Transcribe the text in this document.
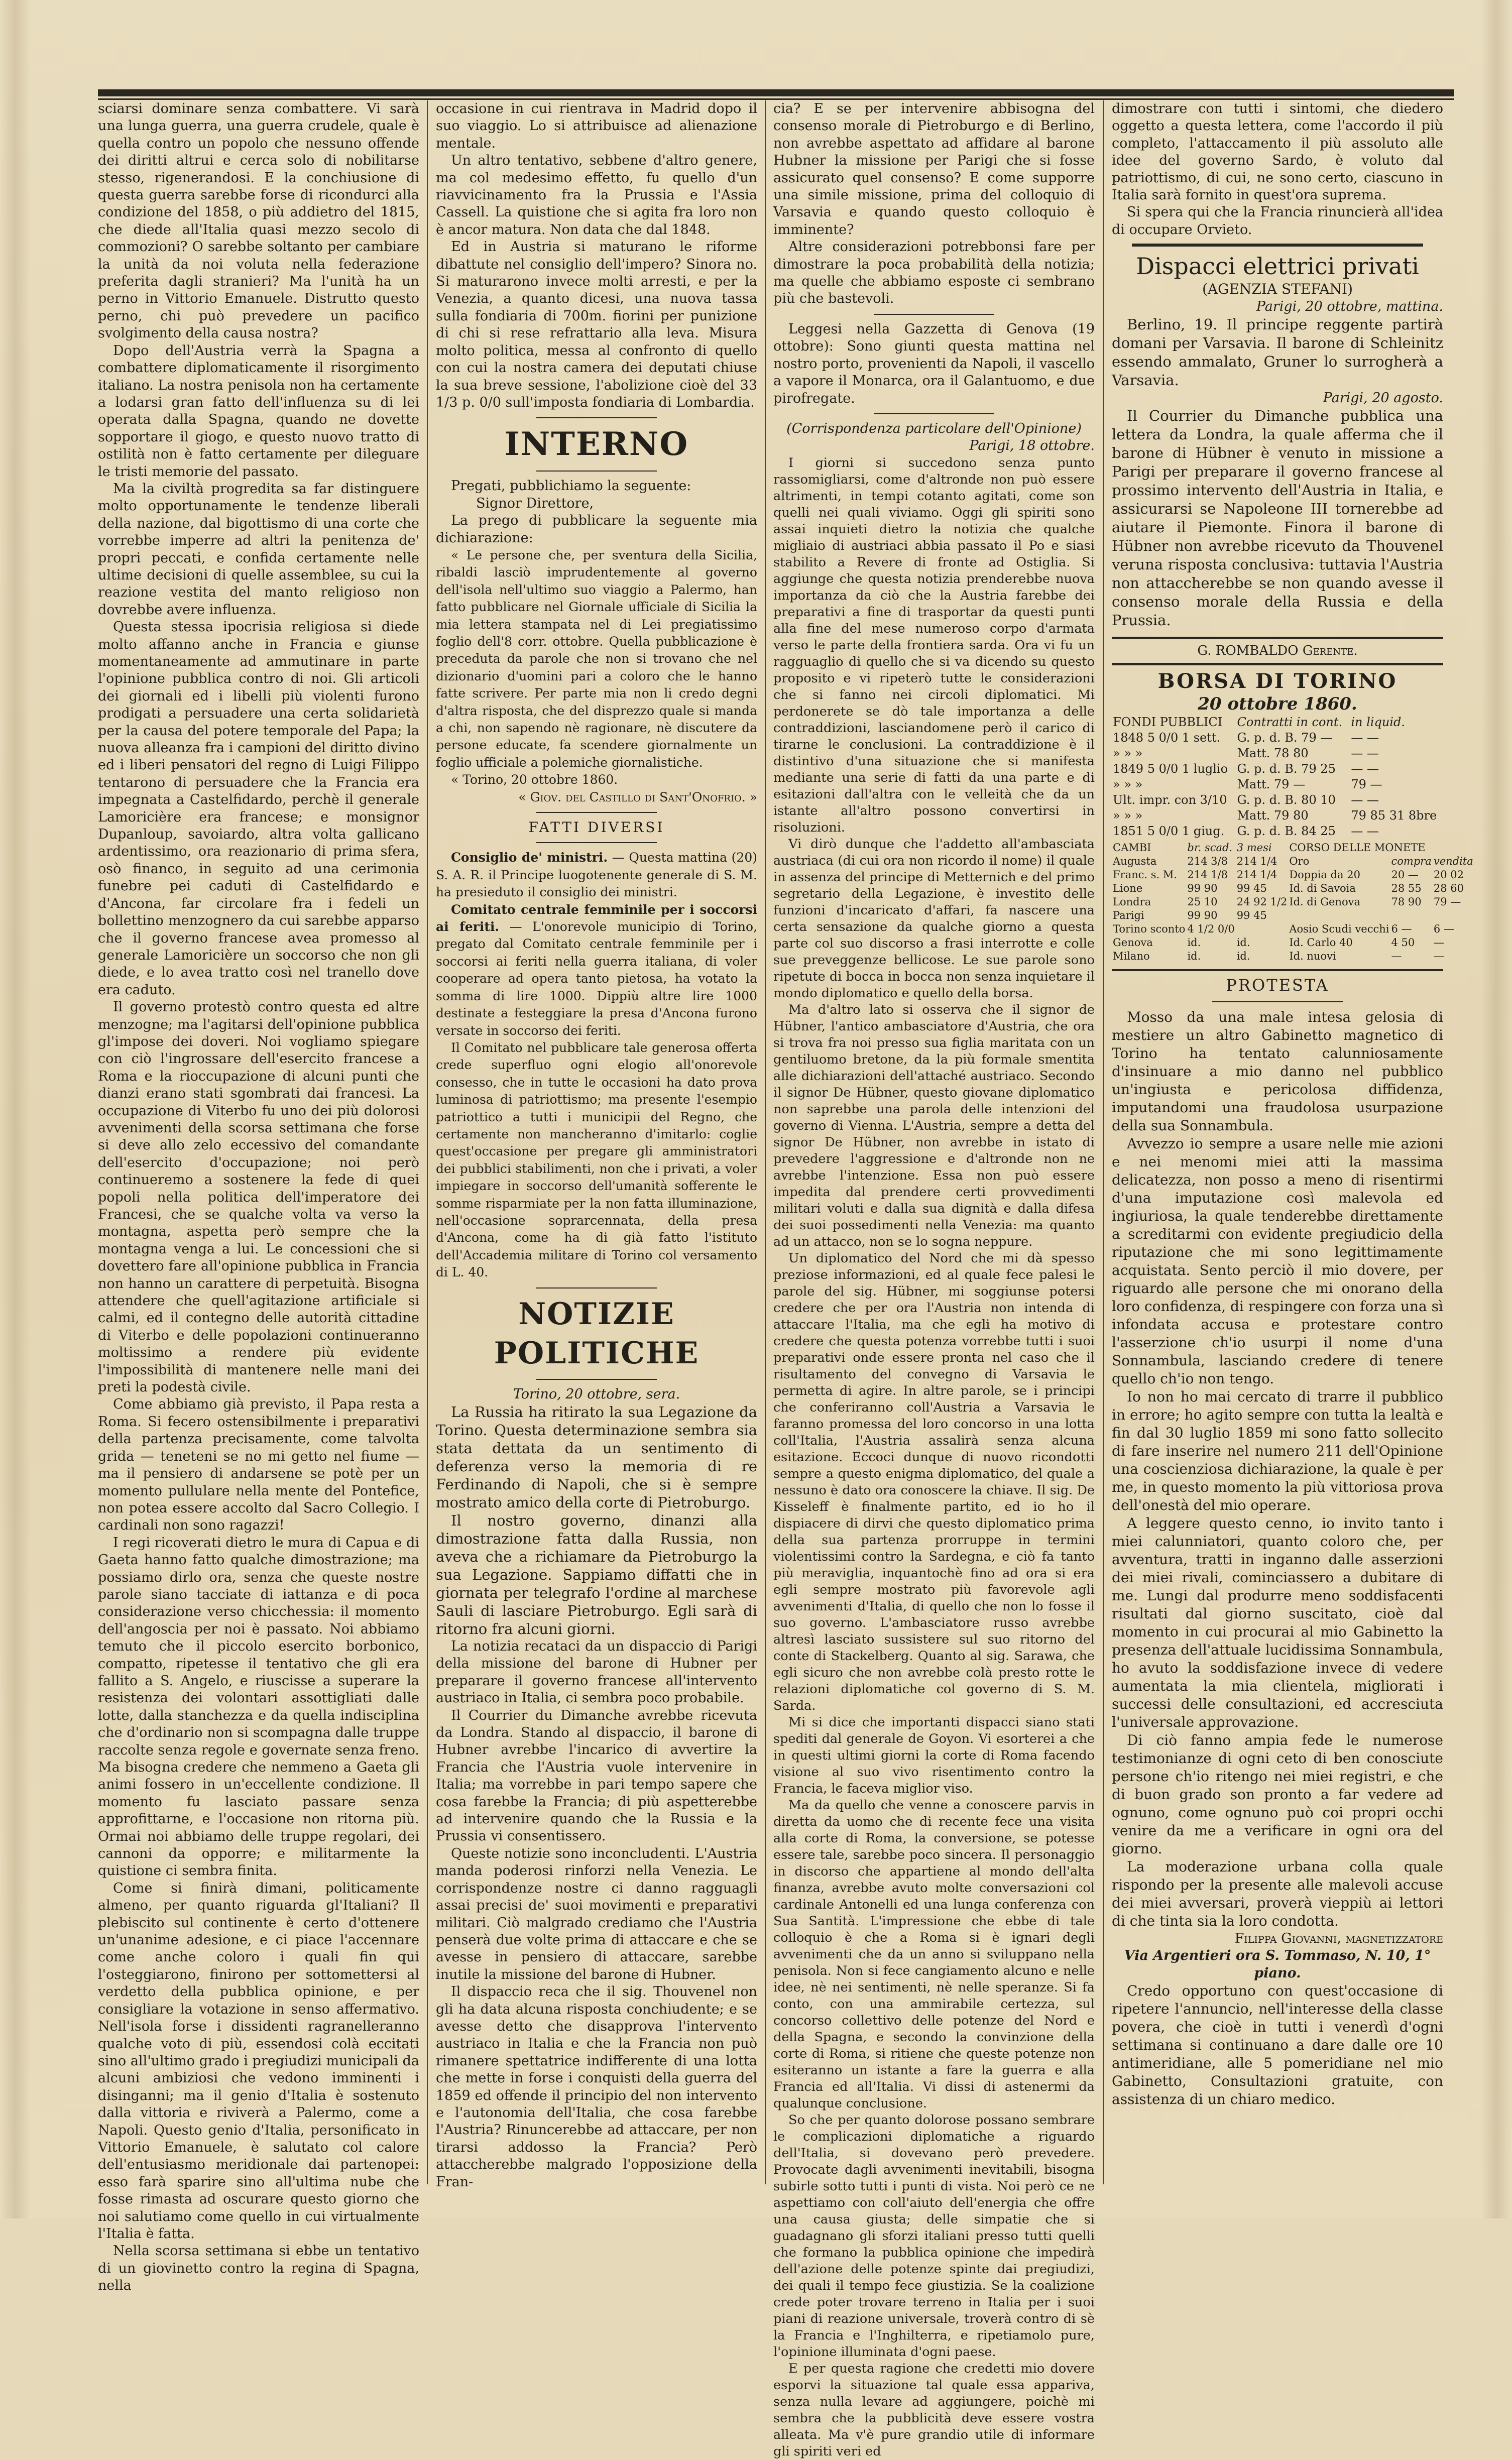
sciarsi dominare senza combattere. Vi sarà una lunga guerra, una guerra crudele, quale è quella contro un popolo che nessuno offende dei diritti altrui e cerca solo di nobilitarse stesso, rigenerandosi. E la conchiusione di questa guerra sarebbe forse di ricondurci alla condizione del 1858, o più addietro del 1815, che diede all'Italia quasi mezzo secolo di commozioni? O sarebbe soltanto per cambiare la unità da noi voluta nella federazione preferita dagli stranieri? Ma l'unità ha un perno in Vittorio Emanuele. Distrutto questo perno, chi può prevedere un pacifico svolgimento della causa nostra?

Dopo dell'Austria verrà la Spagna a combattere diplomaticamente il risorgimento italiano. La nostra penisola non ha certamente a lodarsi gran fatto dell'influenza su di lei operata dalla Spagna, quando ne dovette sopportare il giogo, e questo nuovo tratto di ostilità non è fatto certamente per dileguare le tristi memorie del passato.

Ma la civiltà progredita sa far distinguere molto opportunamente le tendenze liberali della nazione, dal bigottismo di una corte che vorrebbe imperre ad altri la penitenza de' propri peccati, e confida certamente nelle ultime decisioni di quelle assemblee, su cui la reazione vestita del manto religioso non dovrebbe avere influenza.

Questa stessa ipocrisia religiosa si diede molto affanno anche in Francia e giunse momentaneamente ad ammutinare in parte l'opinione pubblica contro di noi. Gli articoli dei giornali ed i libelli più violenti furono prodigati a persuadere una certa solidarietà per la causa del potere temporale del Papa; la nuova alleanza fra i campioni del diritto divino ed i liberi pensatori del regno di Luigi Filippo tentarono di persuadere che la Francia era impegnata a Castelfidardo, perchè il generale Lamoricière era francese; e monsignor Dupanloup, savoiardo, altra volta gallicano ardentissimo, ora reazionario di prima sfera, osò financo, in seguito ad una cerimonia funebre pei caduti di Castelfidardo e d'Ancona, far circolare fra i fedeli un bollettino menzognero da cui sarebbe apparso che il governo francese avea promesso al generale Lamoricière un soccorso che non gli diede, e lo avea tratto così nel tranello dove era caduto.

Il governo protestò contro questa ed altre menzogne; ma l'agitarsi dell'opinione pubblica gl'impose dei doveri. Noi vogliamo spiegare con ciò l'ingrossare dell'esercito francese a Roma e la rioccupazione di alcuni punti che dianzi erano stati sgombrati dai francesi. La occupazione di Viterbo fu uno dei più dolorosi avvenimenti della scorsa settimana che forse si deve allo zelo eccessivo del comandante dell'esercito d'occupazione; noi però continueremo a sostenere la fede di quei popoli nella politica dell'imperatore dei Francesi, che se qualche volta va verso la montagna, aspetta però sempre che la montagna venga a lui. Le concessioni che si dovettero fare all'opinione pubblica in Francia non hanno un carattere di perpetuità. Bisogna attendere che quell'agitazione artificiale si calmi, ed il contegno delle autorità cittadine di Viterbo e delle popolazioni continueranno moltissimo a rendere più evidente l'impossibilità di mantenere nelle mani dei preti la podestà civile.

Come abbiamo già previsto, il Papa resta a Roma. Si fecero ostensibilmente i preparativi della partenza precisamente, come talvolta grida — teneteni se no mi getto nel fiume — ma il pensiero di andarsene se potè per un momento pullulare nella mente del Pontefice, non potea essere accolto dal Sacro Collegio. I cardinali non sono ragazzi!

I regi ricoverati dietro le mura di Capua e di Gaeta hanno fatto qualche dimostrazione; ma possiamo dirlo ora, senza che queste nostre parole siano tacciate di iattanza e di poca considerazione verso chicchessia: il momento dell'angoscia per noi è passato. Noi abbiamo temuto che il piccolo esercito borbonico, compatto, ripetesse il tentativo che gli era fallito a S. Angelo, e riuscisse a superare la resistenza dei volontari assottigliati dalle lotte, dalla stanchezza e da quella indisciplina che d'ordinario non si scompagna dalle truppe raccolte senza regole e governate senza freno. Ma bisogna credere che nemmeno a Gaeta gli animi fossero in un'eccellente condizione. Il momento fu lasciato passare senza approfittarne, e l'occasione non ritorna più. Ormai noi abbiamo delle truppe regolari, dei cannoni da opporre; e militarmente la quistione ci sembra finita.

Come si finirà dimani, politicamente almeno, per quanto riguarda gl'Italiani? Il plebiscito sul continente è certo d'ottenere un'unanime adesione, e ci piace l'accennare come anche coloro i quali fin qui l'osteggiarono, finirono per sottomettersi al verdetto della pubblica opinione, e per consigliare la votazione in senso affermativo. Nell'isola forse i dissidenti ragranelleranno qualche voto di più, essendosi colà eccitati sino all'ultimo grado i pregiudizi municipali da alcuni ambiziosi che vedono imminenti i disinganni; ma il genio d'Italia è sostenuto dalla vittoria e riviverà a Palermo, come a Napoli. Questo genio d'Italia, personificato in Vittorio Emanuele, è salutato col calore dell'entusiasmo meridionale dai partenopei: esso farà sparire sino all'ultima nube che fosse rimasta ad oscurare questo giorno che noi salutiamo come quello in cui virtualmente l'Italia è fatta.

Nella scorsa settimana si ebbe un tentativo di un giovinetto contro la regina di Spagna, nella

occasione in cui rientrava in Madrid dopo il suo viaggio. Lo si attribuisce ad alienazione mentale.

Un altro tentativo, sebbene d'altro genere, ma col medesimo effetto, fu quello d'un riavvicinamento fra la Prussia e l'Assia Cassell. La quistione che si agita fra loro non è ancor matura. Non data che dal 1848.

Ed in Austria si maturano le riforme dibattute nel consiglio dell'impero? Sinora no. Si maturarono invece molti arresti, e per la Venezia, a quanto dicesi, una nuova tassa sulla fondiaria di 700m. fiorini per punizione di chi si rese refrattario alla leva. Misura molto politica, messa al confronto di quello con cui la nostra camera dei deputati chiuse la sua breve sessione, l'abolizione cioè del 33 1/3 p. 0/0 sull'imposta fondiaria di Lombardia.

INTERNO

Pregati, pubblichiamo la seguente:

Signor Direttore,

La prego di pubblicare la seguente mia dichiarazione:

« Le persone che, per sventura della Sicilia, ribaldi lasciò imprudentemente al governo dell'isola nell'ultimo suo viaggio a Palermo, han fatto pubblicare nel Giornale ufficiale di Sicilia la mia lettera stampata nel di Lei pregiatissimo foglio dell'8 corr. ottobre. Quella pubblicazione è preceduta da parole che non si trovano che nel dizionario d'uomini pari a coloro che le hanno fatte scrivere. Per parte mia non li credo degni d'altra risposta, che del disprezzo quale si manda a chi, non sapendo nè ragionare, nè discutere da persone educate, fa scendere giornalmente un foglio ufficiale a polemiche giornalistiche.

« Torino, 20 ottobre 1860.

« Giov. del Castillo di Sant'Onofrio. »

FATTI DIVERSI

Consiglio de' ministri. — Questa mattina (20) S. A. R. il Principe luogotenente generale di S. M. ha presieduto il consiglio dei ministri.

Comitato centrale femminile per i soccorsi ai feriti. — L'onorevole municipio di Torino, pregato dal Comitato centrale femminile per i soccorsi ai feriti nella guerra italiana, di voler cooperare ad opera tanto pietosa, ha votato la somma di lire 1000. Dippiù altre lire 1000 destinate a festeggiare la presa d'Ancona furono versate in soccorso dei feriti.

Il Comitato nel pubblicare tale generosa offerta crede superfluo ogni elogio all'onorevole consesso, che in tutte le occasioni ha dato prova luminosa di patriottismo; ma presente l'esempio patriottico a tutti i municipii del Regno, che certamente non mancheranno d'imitarlo: coglie quest'occasione per pregare gli amministratori dei pubblici stabilimenti, non che i privati, a voler impiegare in soccorso dell'umanità sofferente le somme risparmiate per la non fatta illuminazione, nell'occasione soprarcennata, della presa d'Ancona, come ha di già fatto l'istituto dell'Accademia militare di Torino col versamento di L. 40.

NOTIZIE POLITICHE

Torino, 20 ottobre, sera.

La Russia ha ritirato la sua Legazione da Torino. Questa determinazione sembra sia stata dettata da un sentimento di deferenza verso la memoria di re Ferdinando di Napoli, che si è sempre mostrato amico della corte di Pietroburgo.

Il nostro governo, dinanzi alla dimostrazione fatta dalla Russia, non aveva che a richiamare da Pietroburgo la sua Legazione. Sappiamo diffatti che in giornata per telegrafo l'ordine al marchese Sauli di lasciare Pietroburgo. Egli sarà di ritorno fra alcuni giorni.

La notizia recataci da un dispaccio di Parigi della missione del barone di Hubner per preparare il governo francese all'intervento austriaco in Italia, ci sembra poco probabile.

Il Courrier du Dimanche avrebbe ricevuta da Londra. Stando al dispaccio, il barone di Hubner avrebbe l'incarico di avvertire la Francia che l'Austria vuole intervenire in Italia; ma vorrebbe in pari tempo sapere che cosa farebbe la Francia; di più aspetterebbe ad intervenire quando che la Russia e la Prussia vi consentissero.

Queste notizie sono inconcludenti. L'Austria manda poderosi rinforzi nella Venezia. Le corrispondenze nostre ci danno ragguagli assai precisi de' suoi movimenti e preparativi militari. Ciò malgrado crediamo che l'Austria penserà due volte prima di attaccare e che se avesse in pensiero di attaccare, sarebbe inutile la missione del barone di Hubner.

Il dispaccio reca che il sig. Thouvenel non gli ha data alcuna risposta conchiudente; e se avesse detto che disapprova l'intervento austriaco in Italia e che la Francia non può rimanere spettatrice indifferente di una lotta che mette in forse i conquisti della guerra del 1859 ed offende il principio del non intervento e l'autonomia dell'Italia, che cosa farebbe l'Austria? Rinuncerebbe ad attaccare, per non tirarsi addosso la Francia? Però attaccherebbe malgrado l'opposizione della Fran-

cia? E se per intervenire abbisogna del consenso morale di Pietroburgo e di Berlino, non avrebbe aspettato ad affidare al barone Hubner la missione per Parigi che si fosse assicurato quel consenso? E come supporre una simile missione, prima del colloquio di Varsavia e quando questo colloquio è imminente?

Altre considerazioni potrebbonsi fare per dimostrare la poca probabilità della notizia; ma quelle che abbiamo esposte ci sembrano più che bastevoli.

Leggesi nella Gazzetta di Genova (19 ottobre): Sono giunti questa mattina nel nostro porto, provenienti da Napoli, il vascello a vapore il Monarca, ora il Galantuomo, e due pirofregate.

(Corrispondenza particolare dell'Opinione)

Parigi, 18 ottobre.

I giorni si succedono senza punto rassomigliarsi, come d'altronde non può essere altrimenti, in tempi cotanto agitati, come son quelli nei quali viviamo. Oggi gli spiriti sono assai inquieti dietro la notizia che qualche migliaio di austriaci abbia passato il Po e siasi stabilito a Revere di fronte ad Ostiglia. Si aggiunge che questa notizia prenderebbe nuova importanza da ciò che la Austria farebbe dei preparativi a fine di trasportar da questi punti alla fine del mese numeroso corpo d'armata verso le parte della frontiera sarda. Ora vi fu un ragguaglio di quello che si va dicendo su questo proposito e vi ripeterò tutte le considerazioni che si fanno nei circoli diplomatici. Mi perdonerete se dò tale importanza a delle contraddizioni, lasciandomene però il carico di tirarne le conclusioni. La contraddizione è il distintivo d'una situazione che si manifesta mediante una serie di fatti da una parte e di esitazioni dall'altra con le velleità che da un istante all'altro possono convertirsi in risoluzioni.

Vi dirò dunque che l'addetto all'ambasciata austriaca (di cui ora non ricordo il nome) il quale in assenza del principe di Metternich e del primo segretario della Legazione, è investito delle funzioni d'incaricato d'affari, fa nascere una certa sensazione da qualche giorno a questa parte col suo discorso a frasi interrotte e colle sue preveggenze bellicose. Le sue parole sono ripetute di bocca in bocca non senza inquietare il mondo diplomatico e quello della borsa.

Ma d'altro lato si osserva che il signor de Hübner, l'antico ambasciatore d'Austria, che ora si trova fra noi presso sua figlia maritata con un gentiluomo bretone, da la più formale smentita alle dichiarazioni dell'attaché austriaco. Secondo il signor De Hübner, questo giovane diplomatico non saprebbe una parola delle intenzioni del governo di Vienna. L'Austria, sempre a detta del signor De Hübner, non avrebbe in istato di prevedere l'aggressione e d'altronde non ne avrebbe l'intenzione. Essa non può essere impedita dal prendere certi provvedimenti militari voluti e dalla sua dignità e dalla difesa dei suoi possedimenti nella Venezia: ma quanto ad un attacco, non se lo sogna neppure.

Un diplomatico del Nord che mi dà spesso preziose informazioni, ed al quale fece palesi le parole del sig. Hübner, mi soggiunse potersi credere che per ora l'Austria non intenda di attaccare l'Italia, ma che egli ha motivo di credere che questa potenza vorrebbe tutti i suoi preparativi onde essere pronta nel caso che il risultamento del convegno di Varsavia le permetta di agire. In altre parole, se i principi che conferiranno coll'Austria a Varsavia le faranno promessa del loro concorso in una lotta coll'Italia, l'Austria assalirà senza alcuna esitazione. Eccoci dunque di nuovo ricondotti sempre a questo enigma diplomatico, del quale a nessuno è dato ora conoscere la chiave. Il sig. De Kisseleff è finalmente partito, ed io ho il dispiacere di dirvi che questo diplomatico prima della sua partenza prorruppe in termini violentissimi contro la Sardegna, e ciò fa tanto più meraviglia, inquantochè fino ad ora si era egli sempre mostrato più favorevole agli avvenimenti d'Italia, di quello che non lo fosse il suo governo. L'ambasciatore russo avrebbe altresì lasciato sussistere sul suo ritorno del conte di Stackelberg. Quanto al sig. Sarawa, che egli sicuro che non avrebbe colà presto rotte le relazioni diplomatiche col governo di S. M. Sarda.

Mi si dice che importanti dispacci siano stati spediti dal generale de Goyon. Vi esorterei a che in questi ultimi giorni la corte di Roma facendo visione al suo vivo risentimento contro la Francia, le faceva miglior viso.

Ma da quello che venne a conoscere parvis in diretta da uomo che di recente fece una visita alla corte di Roma, la conversione, se potesse essere tale, sarebbe poco sincera. Il personaggio in discorso che appartiene al mondo dell'alta finanza, avrebbe avuto molte conversazioni col cardinale Antonelli ed una lunga conferenza con Sua Santità. L'impressione che ebbe di tale colloquio è che a Roma si è ignari degli avvenimenti che da un anno si sviluppano nella penisola. Non si fece cangiamento alcuno e nelle idee, nè nei sentimenti, nè nelle speranze. Si fa conto, con una ammirabile certezza, sul concorso collettivo delle potenze del Nord e della Spagna, e secondo la convinzione della corte di Roma, si ritiene che queste potenze non esiteranno un istante a fare la guerra e alla Francia ed all'Italia. Vi dissi di astenermi da qualunque conclusione.

So che per quanto dolorose possano sembrare le complicazioni diplomatiche a riguardo dell'Italia, si dovevano però prevedere. Provocate dagli avvenimenti inevitabili, bisogna subirle sotto tutti i punti di vista. Noi però ce ne aspettiamo con coll'aiuto dell'energia che offre una causa giusta; delle simpatie che si guadagnano gli sforzi italiani presso tutti quelli che formano la pubblica opinione che impedirà dell'azione delle potenze spinte dai pregiudizi, dei quali il tempo fece giustizia. Se la coalizione crede poter trovare terreno in Italia per i suoi piani di reazione universale, troverà contro di sè la Francia e l'Inghilterra, e ripetiamolo pure, l'opinione illuminata d'ogni paese.

E per questa ragione che credetti mio dovere esporvi la situazione tal quale essa appariva, senza nulla levare ad aggiungere, poichè mi sembra che la pubblicità deve essere vostra alleata. Ma v'è pure grandio utile di informare gli spiriti veri ed

dimostrare con tutti i sintomi, che diedero oggetto a questa lettera, come l'accordo il più completo, l'attaccamento il più assoluto alle idee del governo Sardo, è voluto dal patriottismo, di cui, ne sono certo, ciascuno in Italia sarà fornito in quest'ora suprema.

Si spera qui che la Francia rinuncierà all'idea di occupare Orvieto.

Dispacci elettrici privati
(AGENZIA STEFANI)

Parigi, 20 ottobre, mattina.

Berlino, 19. Il principe reggente partirà domani per Varsavia. Il barone di Schleinitz essendo ammalato, Gruner lo surrogherà a Varsavia.

Parigi, 20 agosto.

Il Courrier du Dimanche pubblica una lettera da Londra, la quale afferma che il barone di Hübner è venuto in missione a Parigi per preparare il governo francese al prossimo intervento dell'Austria in Italia, e assicurarsi se Napoleone III tornerebbe ad aiutare il Piemonte. Finora il barone di Hübner non avrebbe ricevuto da Thouvenel veruna risposta conclusiva: tuttavia l'Austria non attaccherebbe se non quando avesse il consenso morale della Russia e della Prussia.

G. ROMBALDO Gerente.
BORSA DI TORINO
20 ottobre 1860.
FONDI PUBBLICI	Contratti in cont.	in liquid.
1848 5 0/0 1 sett.	G. p. d. B. 79 —	— —
» » »	Matt. 78 80	— —
1849 5 0/0 1 luglio	G. p. d. B. 79 25	— —
» » »	Matt. 79 —	79 —
Ult. impr. con 3/10	G. p. d. B. 80 10	— —
» » »	Matt. 79 80	79 85 31 8bre
1851 5 0/0 1 giug.	G. p. d. B. 84 25	— —
CAMBI	br. scad.	3 mesi	CORSO DELLE MONETE		
Augusta	214 3/8	214 1/4	Oro	compra	vendita
Franc. s. M.	214 1/8	214 1/4	Doppia da 20	20 —	20 02
Lione	99 90	99 45	Id. di Savoia	28 55	28 60
Londra	25 10	24 92 1/2	Id. di Genova	78 90	79 —
Parigi	99 90	99 45			
Torino sconto	4 1/2 0/0		Aosio Scudi vecchi	6 —	6 —
Genova	id.	id.	Id. Carlo 40	4 50	—
Milano	id.	id.	Id. nuovi	—	—
PROTESTA

Mosso da una male intesa gelosia di mestiere un altro Gabinetto magnetico di Torino ha tentato calunniosamente d'insinuare a mio danno nel pubblico un'ingiusta e pericolosa diffidenza, imputandomi una fraudolosa usurpazione della sua Sonnambula.

Avvezzo io sempre a usare nelle mie azioni e nei menomi miei atti la massima delicatezza, non posso a meno di risentirmi d'una imputazione così malevola ed ingiuriosa, la quale tenderebbe direttamente a screditarmi con evidente pregiudicio della riputazione che mi sono legittimamente acquistata. Sento perciò il mio dovere, per riguardo alle persone che mi onorano della loro confidenza, di respingere con forza una sì infondata accusa e protestare contro l'asserzione ch'io usurpi il nome d'una Sonnambula, lasciando credere di tenere quello ch'io non tengo.

Io non ho mai cercato di trarre il pubblico in errore; ho agito sempre con tutta la lealtà e fin dal 30 luglio 1859 mi sono fatto sollecito di fare inserire nel numero 211 dell'Opinione una coscienziosa dichiarazione, la quale è per me, in questo momento la più vittoriosa prova dell'onestà del mio operare.

A leggere questo cenno, io invito tanto i miei calunniatori, quanto coloro che, per avventura, tratti in inganno dalle asserzioni dei miei rivali, cominciassero a dubitare di me. Lungi dal produrre meno soddisfacenti risultati dal giorno suscitato, cioè dal momento in cui procurai al mio Gabinetto la presenza dell'attuale lucidissima Sonnambula, ho avuto la soddisfazione invece di vedere aumentata la mia clientela, migliorati i successi delle consultazioni, ed accresciuta l'universale approvazione.

Di ciò fanno ampia fede le numerose testimonianze di ogni ceto di ben conosciute persone ch'io ritengo nei miei registri, e che di buon grado son pronto a far vedere ad ognuno, come ognuno può coi propri occhi venire da me a verificare in ogni ora del giorno.

La moderazione urbana colla quale rispondo per la presente alle malevoli accuse dei miei avversari, proverà vieppiù ai lettori di che tinta sia la loro condotta.

Filippa Giovanni, magnetizzatore

Via Argentieri ora S. Tommaso, N. 10, 1° piano.

Credo opportuno con quest'occasione di ripetere l'annuncio, nell'interesse della classe povera, che cioè in tutti i venerdì d'ogni settimana si continuano a dare dalle ore 10 antimeridiane, alle 5 pomeridiane nel mio Gabinetto, Consultazioni gratuite, con assistenza di un chiaro medico.
